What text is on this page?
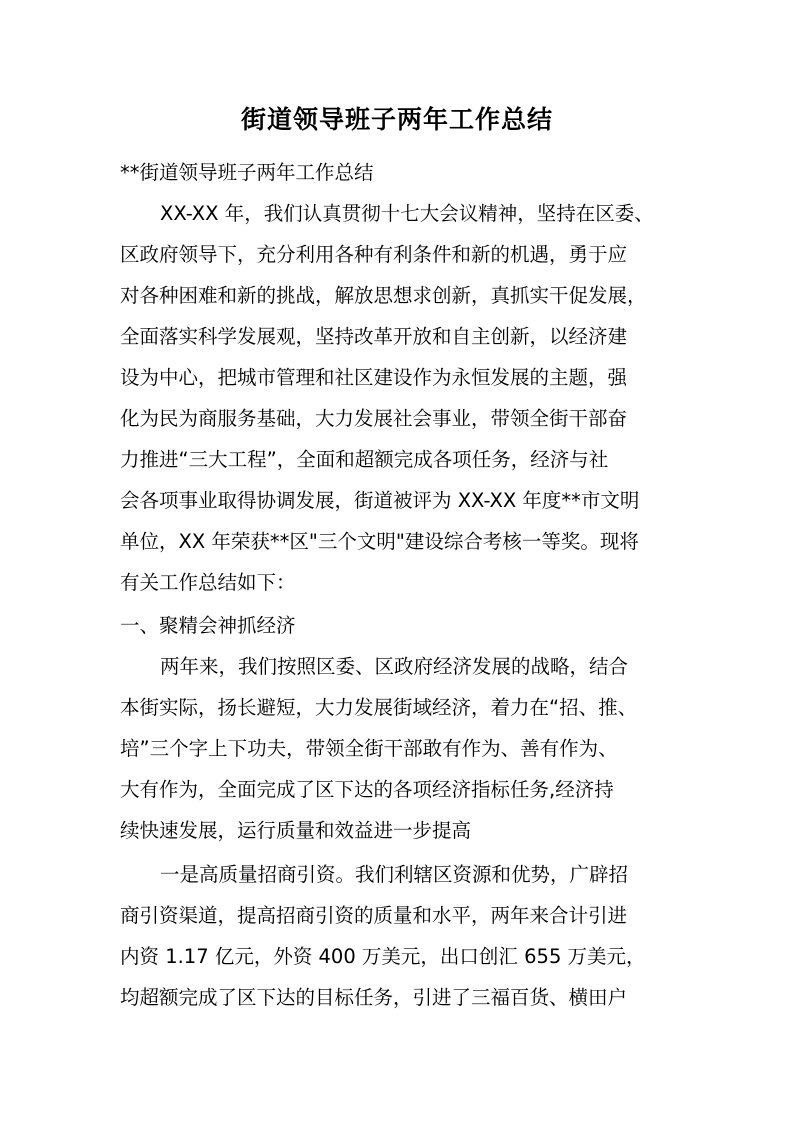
街道领导班子两年工作总结
**街道领导班子两年工作总结
XX-XX 年，我们认真贯彻十七大会议精神，坚持在区委、
区政府领导下，充分利用各种有利条件和新的机遇，勇于应
对各种困难和新的挑战，解放思想求创新，真抓实干促发展，
全面落实科学发展观，坚持改革开放和自主创新，以经济建
设为中心，把城市管理和社区建设作为永恒发展的主题，强
化为民为商服务基础，大力发展社会事业，带领全街干部奋
力推进“三大工程”，全面和超额完成各项任务，经济与社
会各项事业取得协调发展，街道被评为 XX-XX 年度**市文明
单位，XX 年荣获**区"三个文明"建设综合考核一等奖。现将
有关工作总结如下：
一、聚精会神抓经济
两年来，我们按照区委、区政府经济发展的战略，结合
本街实际，扬长避短，大力发展街域经济，着力在“招、推、
培”三个字上下功夫，带领全街干部敢有作为、善有作为、
大有作为，全面完成了区下达的各项经济指标任务,经济持
续快速发展，运行质量和效益进一步提高
一是高质量招商引资。我们利辖区资源和优势，广辟招
商引资渠道，提高招商引资的质量和水平，两年来合计引进
内资 1.17 亿元，外资 400 万美元，出口创汇 655 万美元，
均超额完成了区下达的目标任务，引进了三福百货、横田户
